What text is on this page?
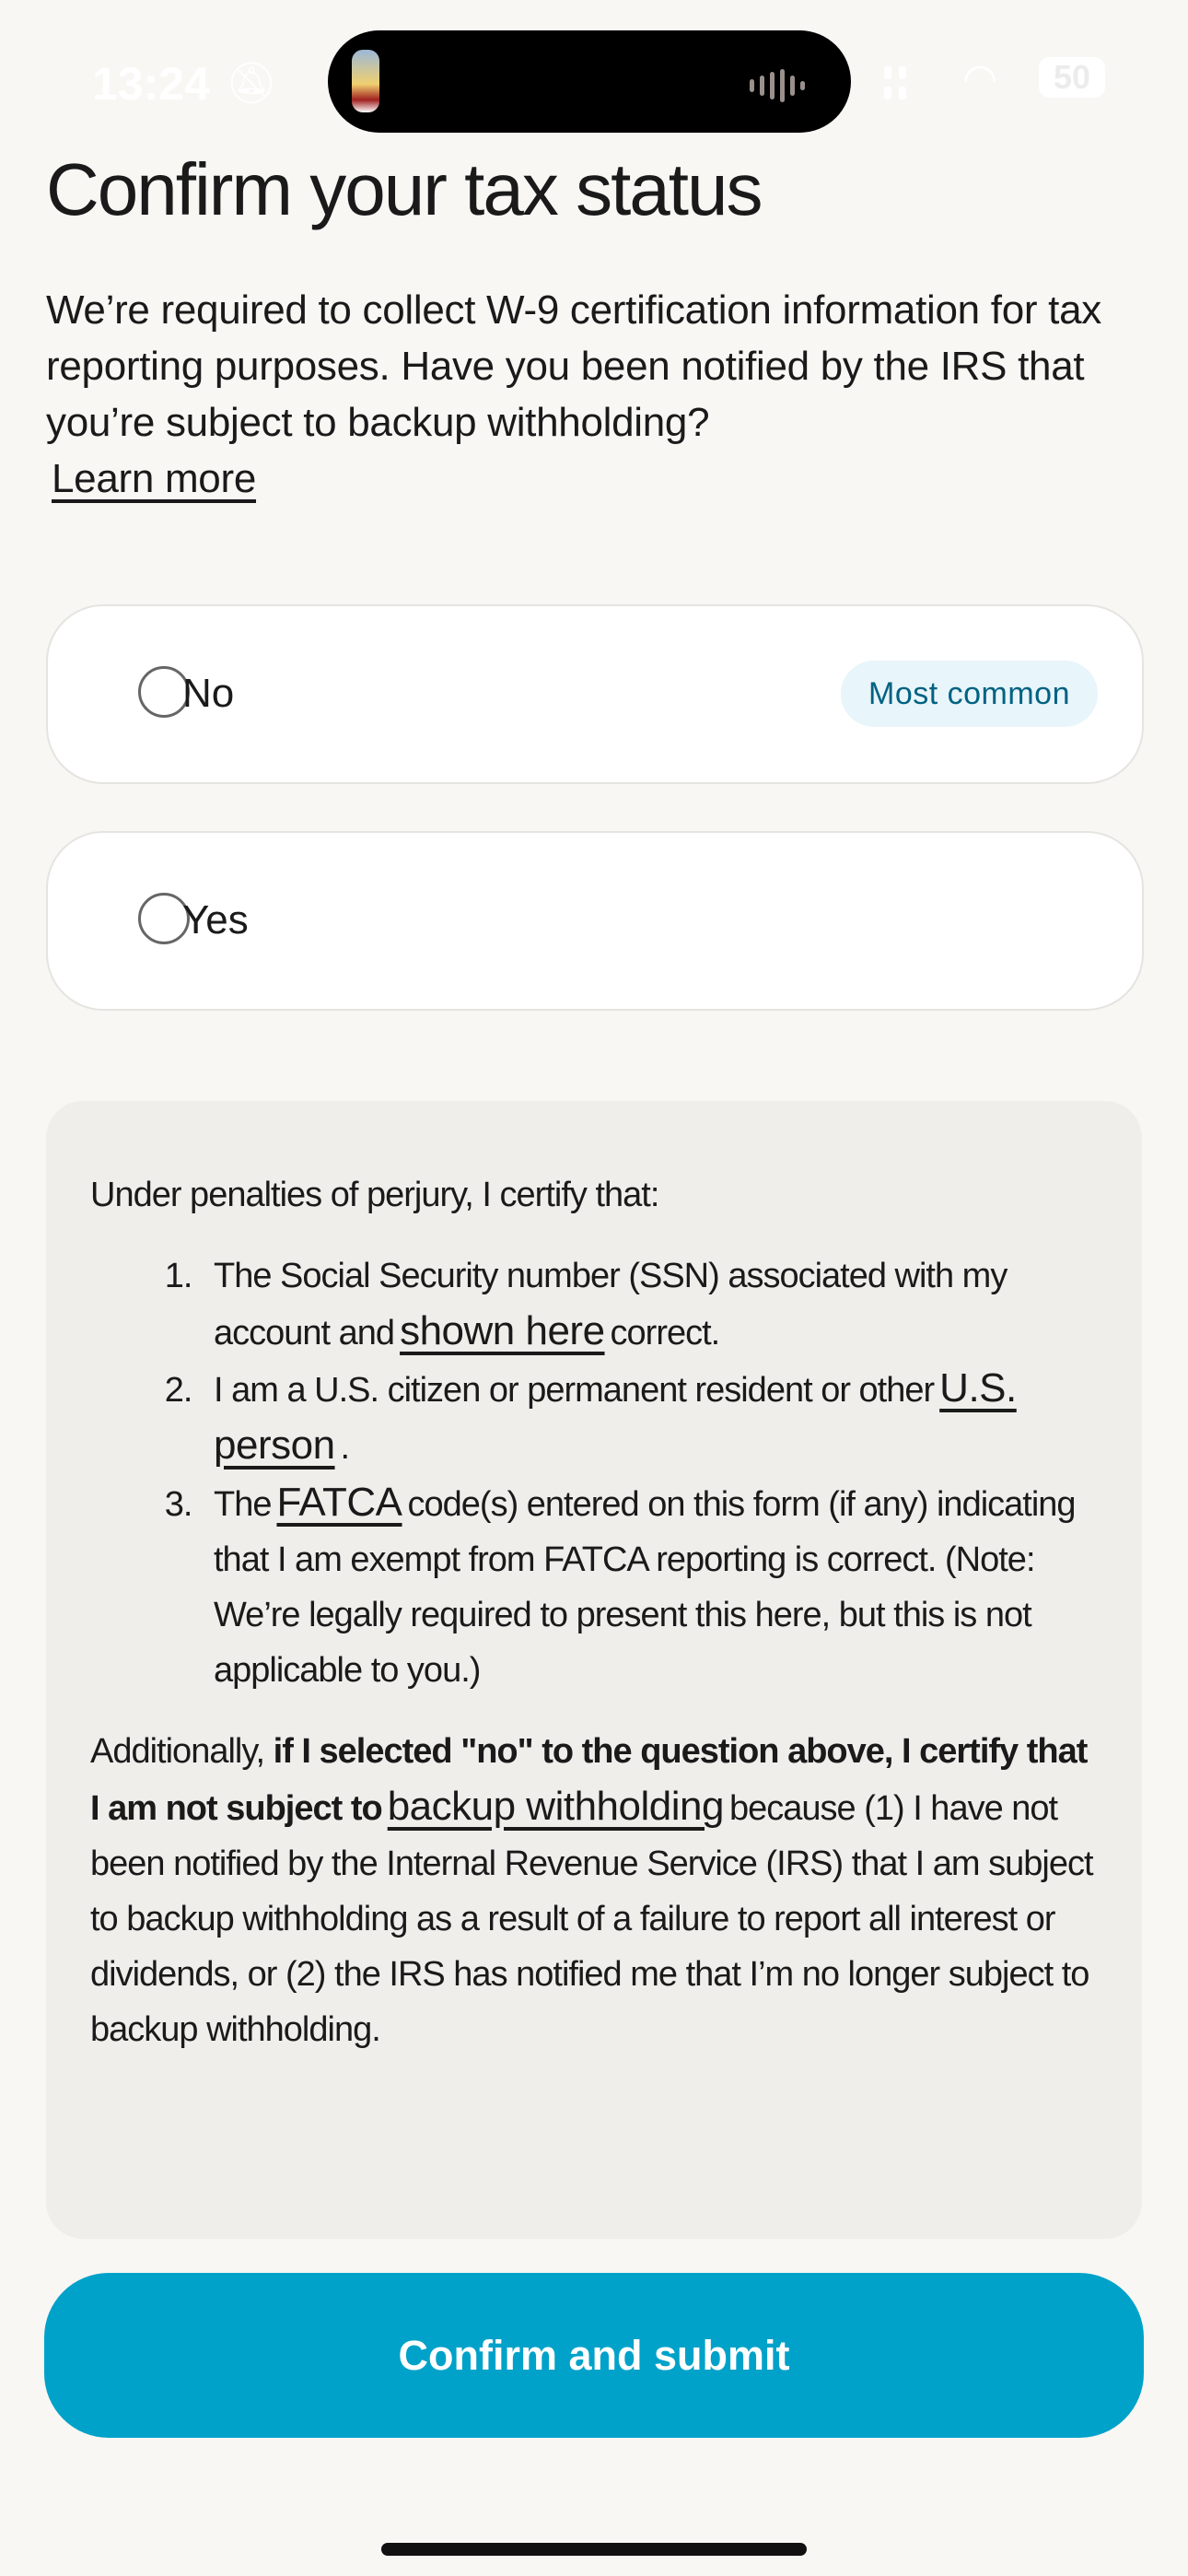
13:24 🔕︎	◠	50
Confirm your tax status

We’re required to collect W-9 certification information for tax reporting purposes. Have you been notified by the IRS that you’re subject to backup withholding?
Learn more

No	Most common
Yes

Under penalties of perjury, I certify that:

1. The Social Security number (SSN) associated with my account and shown here correct.
2. I am a U.S. citizen or permanent resident or other U.S. person .
3. The FATCA code(s) entered on this form (if any) indicating that I am exempt from FATCA reporting is correct. (Note: We’re legally required to present this here, but this is not applicable to you.)

Additionally, if I selected "no" to the question above, I certify that I am not subject to backup withholding because (1) I have not been notified by the Internal Revenue Service (IRS) that I am subject to backup withholding as a result of a failure to report all interest or dividends, or (2) the IRS has notified me that I’m no longer subject to backup withholding.

Confirm and submit
